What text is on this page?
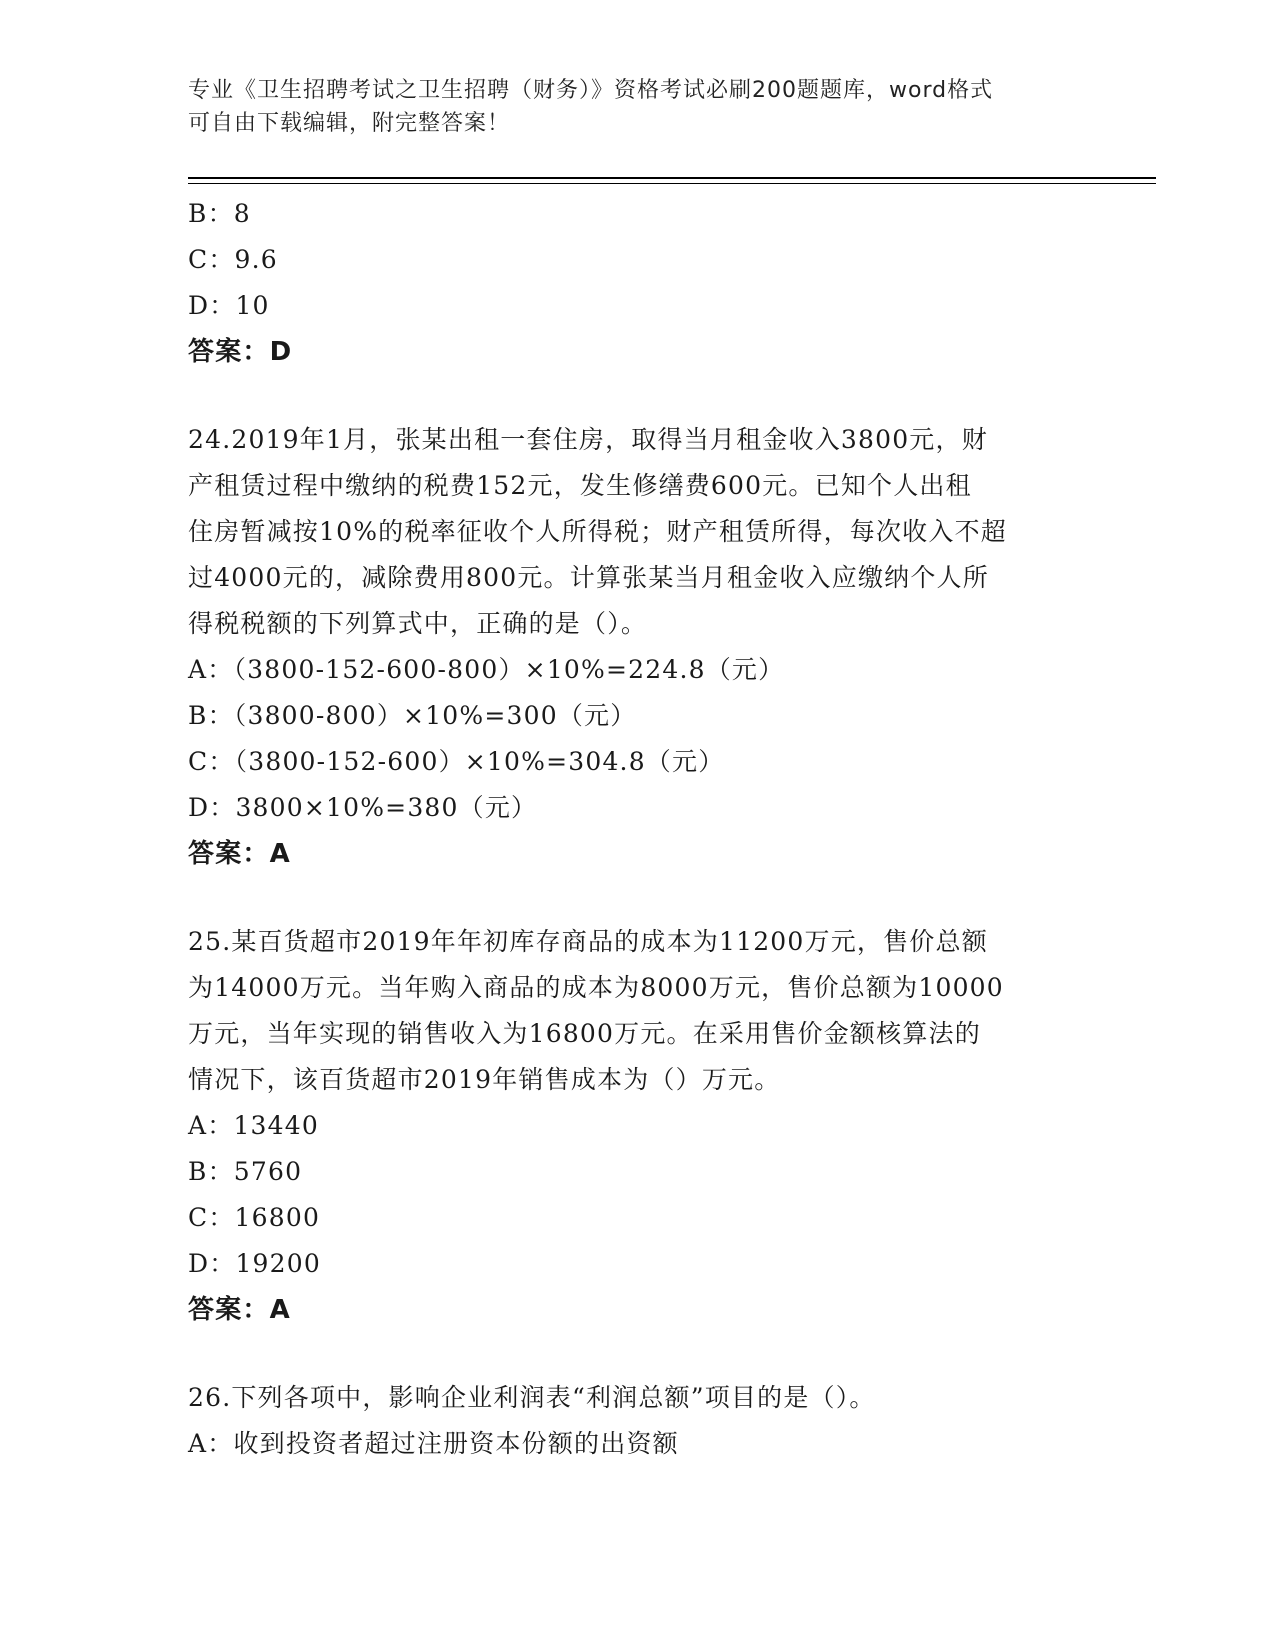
专业《卫生招聘考试之卫生招聘（财务）》资格考试必刷200题题库，word格式
可自由下载编辑，附完整答案！
B：8
C：9.6
D：10
答案：D
24.2019年1月，张某出租一套住房，取得当月租金收入3800元，财
产租赁过程中缴纳的税费152元，发生修缮费600元。已知个人出租
住房暂减按10%的税率征收个人所得税；财产租赁所得，每次收入不超
过4000元的，减除费用800元。计算张某当月租金收入应缴纳个人所
得税税额的下列算式中，正确的是（）。
A：（3800-152-600-800）×10%=224.8（元）
B：（3800-800）×10%=300（元）
C：（3800-152-600）×10%=304.8（元）
D：3800×10%=380（元）
答案：A
25.某百货超市2019年年初库存商品的成本为11200万元，售价总额
为14000万元。当年购入商品的成本为8000万元，售价总额为10000
万元，当年实现的销售收入为16800万元。在采用售价金额核算法的
情况下，该百货超市2019年销售成本为（）万元。
A：13440
B：5760
C：16800
D：19200
答案：A
26.下列各项中，影响企业利润表“利润总额”项目的是（）。
A：收到投资者超过注册资本份额的出资额
